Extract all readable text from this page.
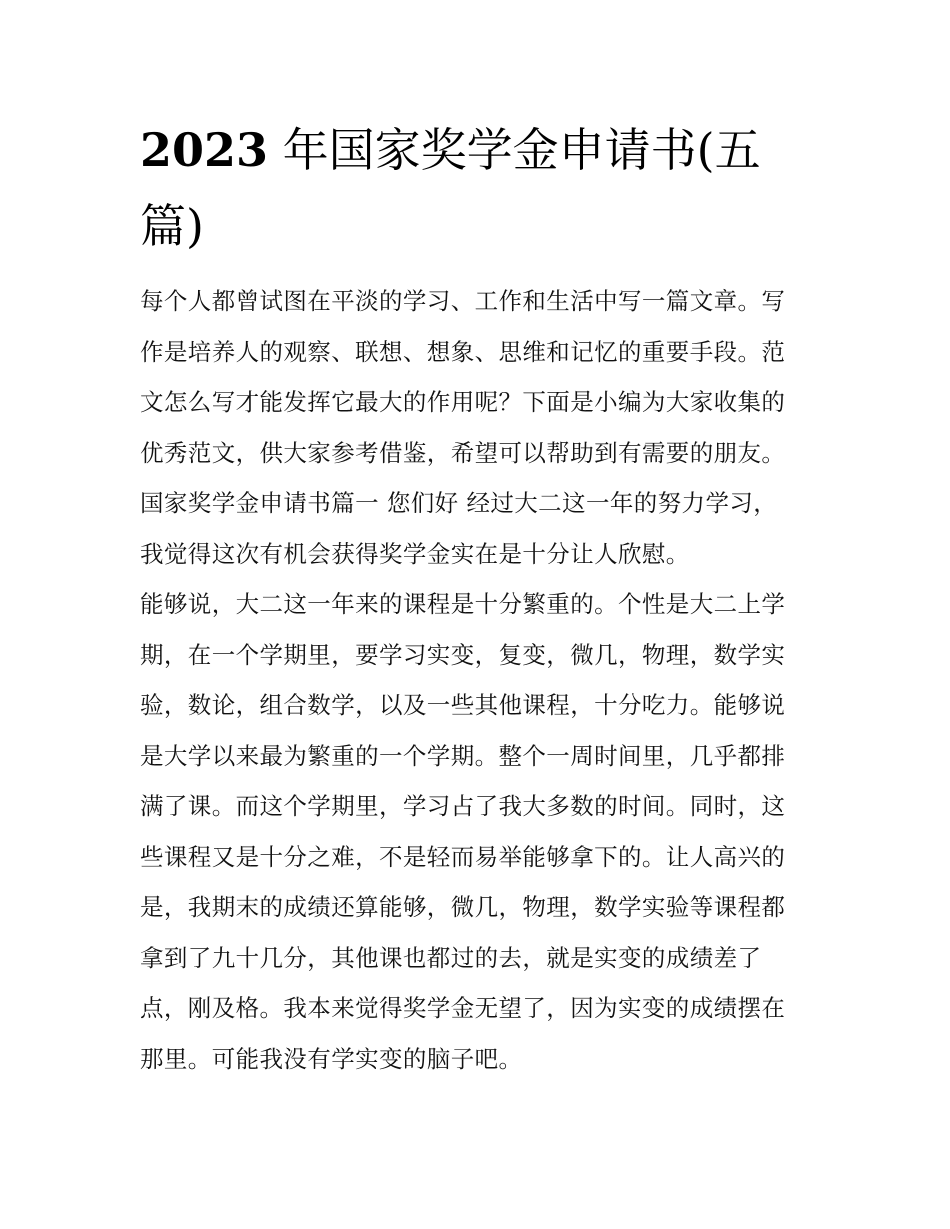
2023 年国家奖学金申请书(五篇)

每个人都曾试图在平淡的学习、工作和生活中写一篇文章。写
作是培养人的观察、联想、想象、思维和记忆的重要手段。范
文怎么写才能发挥它最大的作用呢？下面是小编为大家收集的
优秀范文，供大家参考借鉴，希望可以帮助到有需要的朋友。
国家奖学金申请书篇一 您们好 经过大二这一年的努力学习，
我觉得这次有机会获得奖学金实在是十分让人欣慰。

能够说，大二这一年来的课程是十分繁重的。个性是大二上学
期，在一个学期里，要学习实变，复变，微几，物理，数学实
验，数论，组合数学，以及一些其他课程，十分吃力。能够说
是大学以来最为繁重的一个学期。整个一周时间里，几乎都排
满了课。而这个学期里，学习占了我大多数的时间。同时，这
些课程又是十分之难，不是轻而易举能够拿下的。让人高兴的
是，我期末的成绩还算能够，微几，物理，数学实验等课程都
拿到了九十几分，其他课也都过的去，就是实变的成绩差了
点，刚及格。我本来觉得奖学金无望了，因为实变的成绩摆在
那里。可能我没有学实变的脑子吧。
